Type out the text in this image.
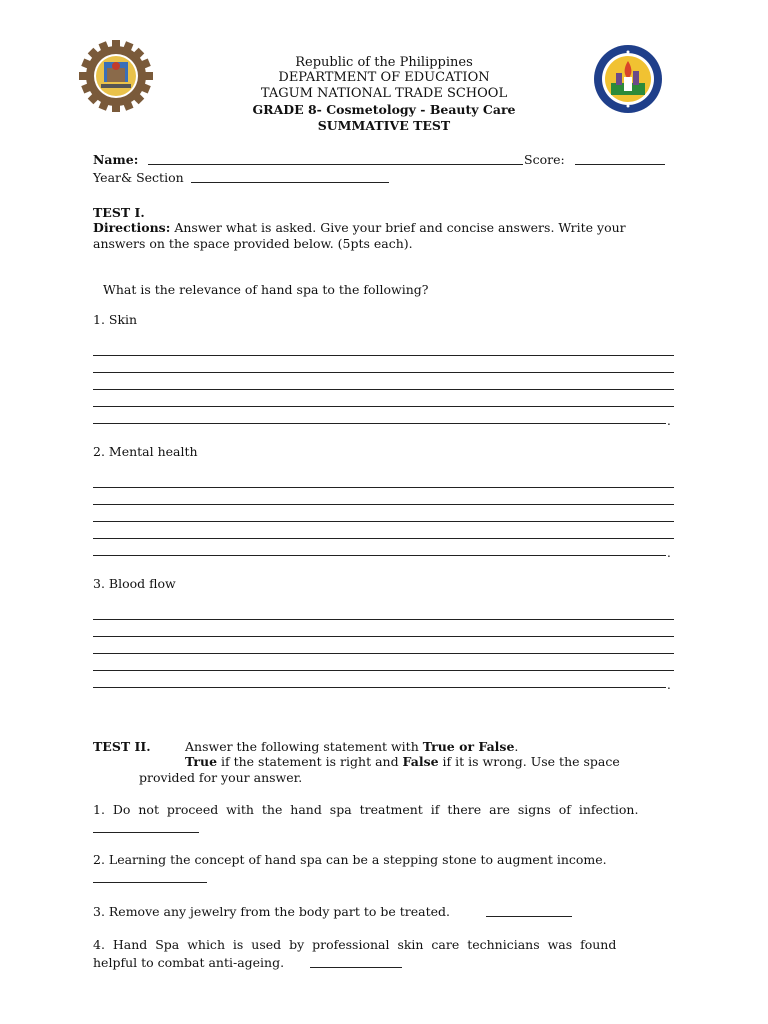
Republic of the Philippines
DEPARTMENT OF EDUCATION
TAGUM NATIONAL TRADE SCHOOL
GRADE 8- Cosmetology - Beauty Care
SUMMATIVE TEST
Name:	Score:
Year& Section
TEST I.
Directions: Answer what is asked. Give your brief and concise answers. Write your
answers on the space provided below. (5pts each).
What is the relevance of hand spa to the following?
1. Skin
.
2. Mental health
.
3. Blood flow
.
TEST II.	Answer the following statement with True or False.
True if the statement is right and False if it is wrong. Use the space
provided for your answer.
1.  Do  not  proceed  with  the  hand  spa  treatment  if  there  are  signs  of  infection.
2. Learning the concept of hand spa can be a stepping stone to augment income.
3. Remove any jewelry from the body part to be treated.
4.  Hand  Spa  which  is  used  by  professional  skin  care  technicians  was  found
helpful to combat anti-ageing.
